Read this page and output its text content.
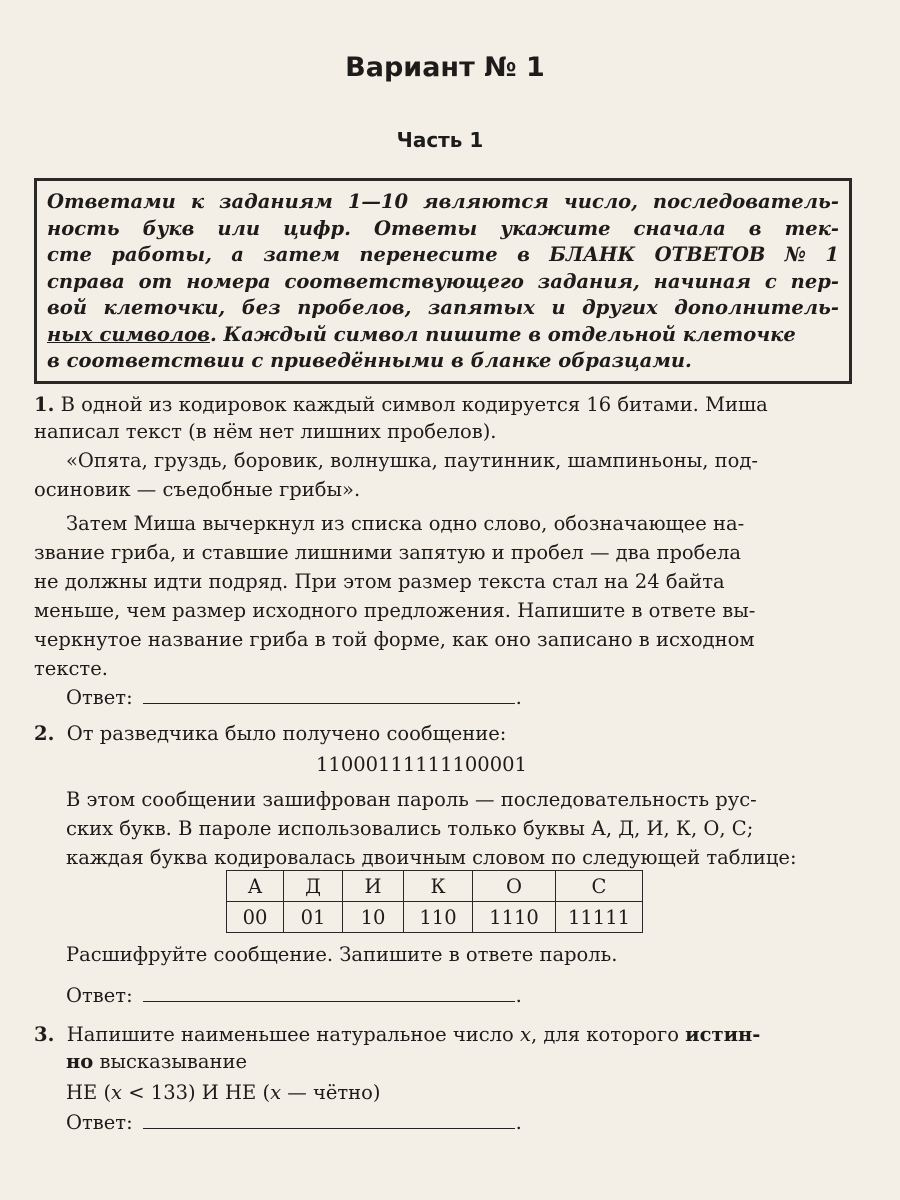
Вариант № 1
Часть 1
Ответами к заданиям 1—10 являются число, последователь-
ность букв или цифр. Ответы укажите сначала в тек-
сте работы, а затем перенесите в БЛАНК ОТВЕТОВ № 1
справа от номера соответствующего задания, начиная с пер-
вой клеточки, без пробелов, запятых и других дополнитель-
ных символов . Каждый символ пишите в отдельной клеточке
в соответствии с приведёнными в бланке образцами.
1. В одной из кодировок каждый символ кодируется 16 битами. Миша
написал текст (в нём нет лишних пробелов).
«Опята, груздь, боровик, волнушка, паутинник, шампиньоны, под-
осиновик — съедобные грибы».
Затем Миша вычеркнул из списка одно слово, обозначающее на-
звание гриба, и ставшие лишними запятую и пробел — два пробела
не должны идти подряд. При этом размер текста стал на 24 байта
меньше, чем размер исходного предложения. Напишите в ответе вы-
черкнутое название гриба в той форме, как оно записано в исходном
тексте.
Ответ:	.
2. От разведчика было получено сообщение:
11000111111100001
В этом сообщении зашифрован пароль — последовательность рус-
ских букв. В пароле использовались только буквы А, Д, И, К, О, С;
каждая буква кодировалась двоичным словом по следующей таблице:
А	Д	И	К	О	С
00	01	10	110	1110	11111
Расшифруйте сообщение. Запишите в ответе пароль.
Ответ:	.
3. Напишите наименьшее натуральное число x, для которого истин-
но высказывание
НЕ (x < 133) И НЕ (x — чётно)
Ответ:	.
